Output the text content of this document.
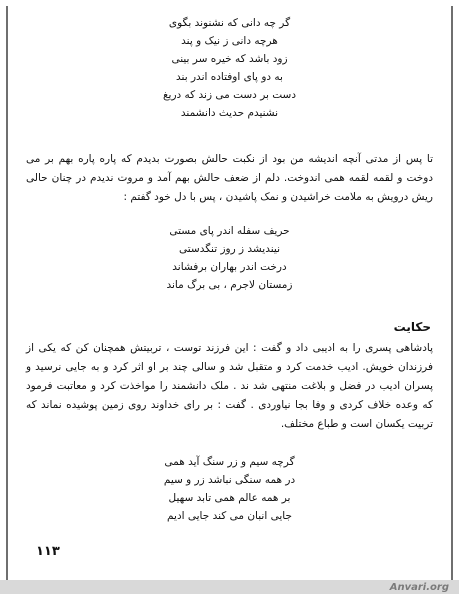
گر چه دانی که نشنوند بگوی
هرچه دانی ز نیک و پند
زود باشد که خیره سر بینی
به دو پای اوفتاده اندر بند
دست بر دست می زند که دریغ
نشنیدم حدیث دانشمند
تا پس از مدتی آنچه اندیشه من بود از نکبت حالش بصورت بدیدم که پاره پاره بهم بر می دوخت و لقمه لقمه همی اندوخت. دلم از ضعف حالش بهم آمد و مروت ندیدم در چنان حالی ریش درویش به ملامت خراشیدن و نمک پاشیدن ، پس با دل خود گفتم :
حریف سفله اندر پای مستی
نیندیشد ز روز تنگدستی
درخت اندر بهاران برفشاند
زمستان لاجرم ، بی برگ ماند
حکایت
پادشاهی پسری را به ادیبی داد و گفت : این فرزند توست ، تربیتش همچنان کن که یکی از فرزندان خویش. ادیب خدمت کرد و متقبل شد و سالی چند بر او اثر کرد و به جایی نرسید و پسران ادیب در فضل و بلاغت منتهی شد ند . ملک دانشمند را مواخذت کرد و معاتبت فرمود که وعده خلاف کردی و وفا بجا نیاوردی . گفت : بر رای خداوند روی زمین پوشیده نماند که تربیت یکسان است و طباع مختلف.
گرچه سیم و زر سنگ آید همی
در همه سنگی نباشد زر و سیم
بر همه عالم همی تابد سهیل
جایی انبان می کند جایی ادیم
۱۱۳
Anvari.org
